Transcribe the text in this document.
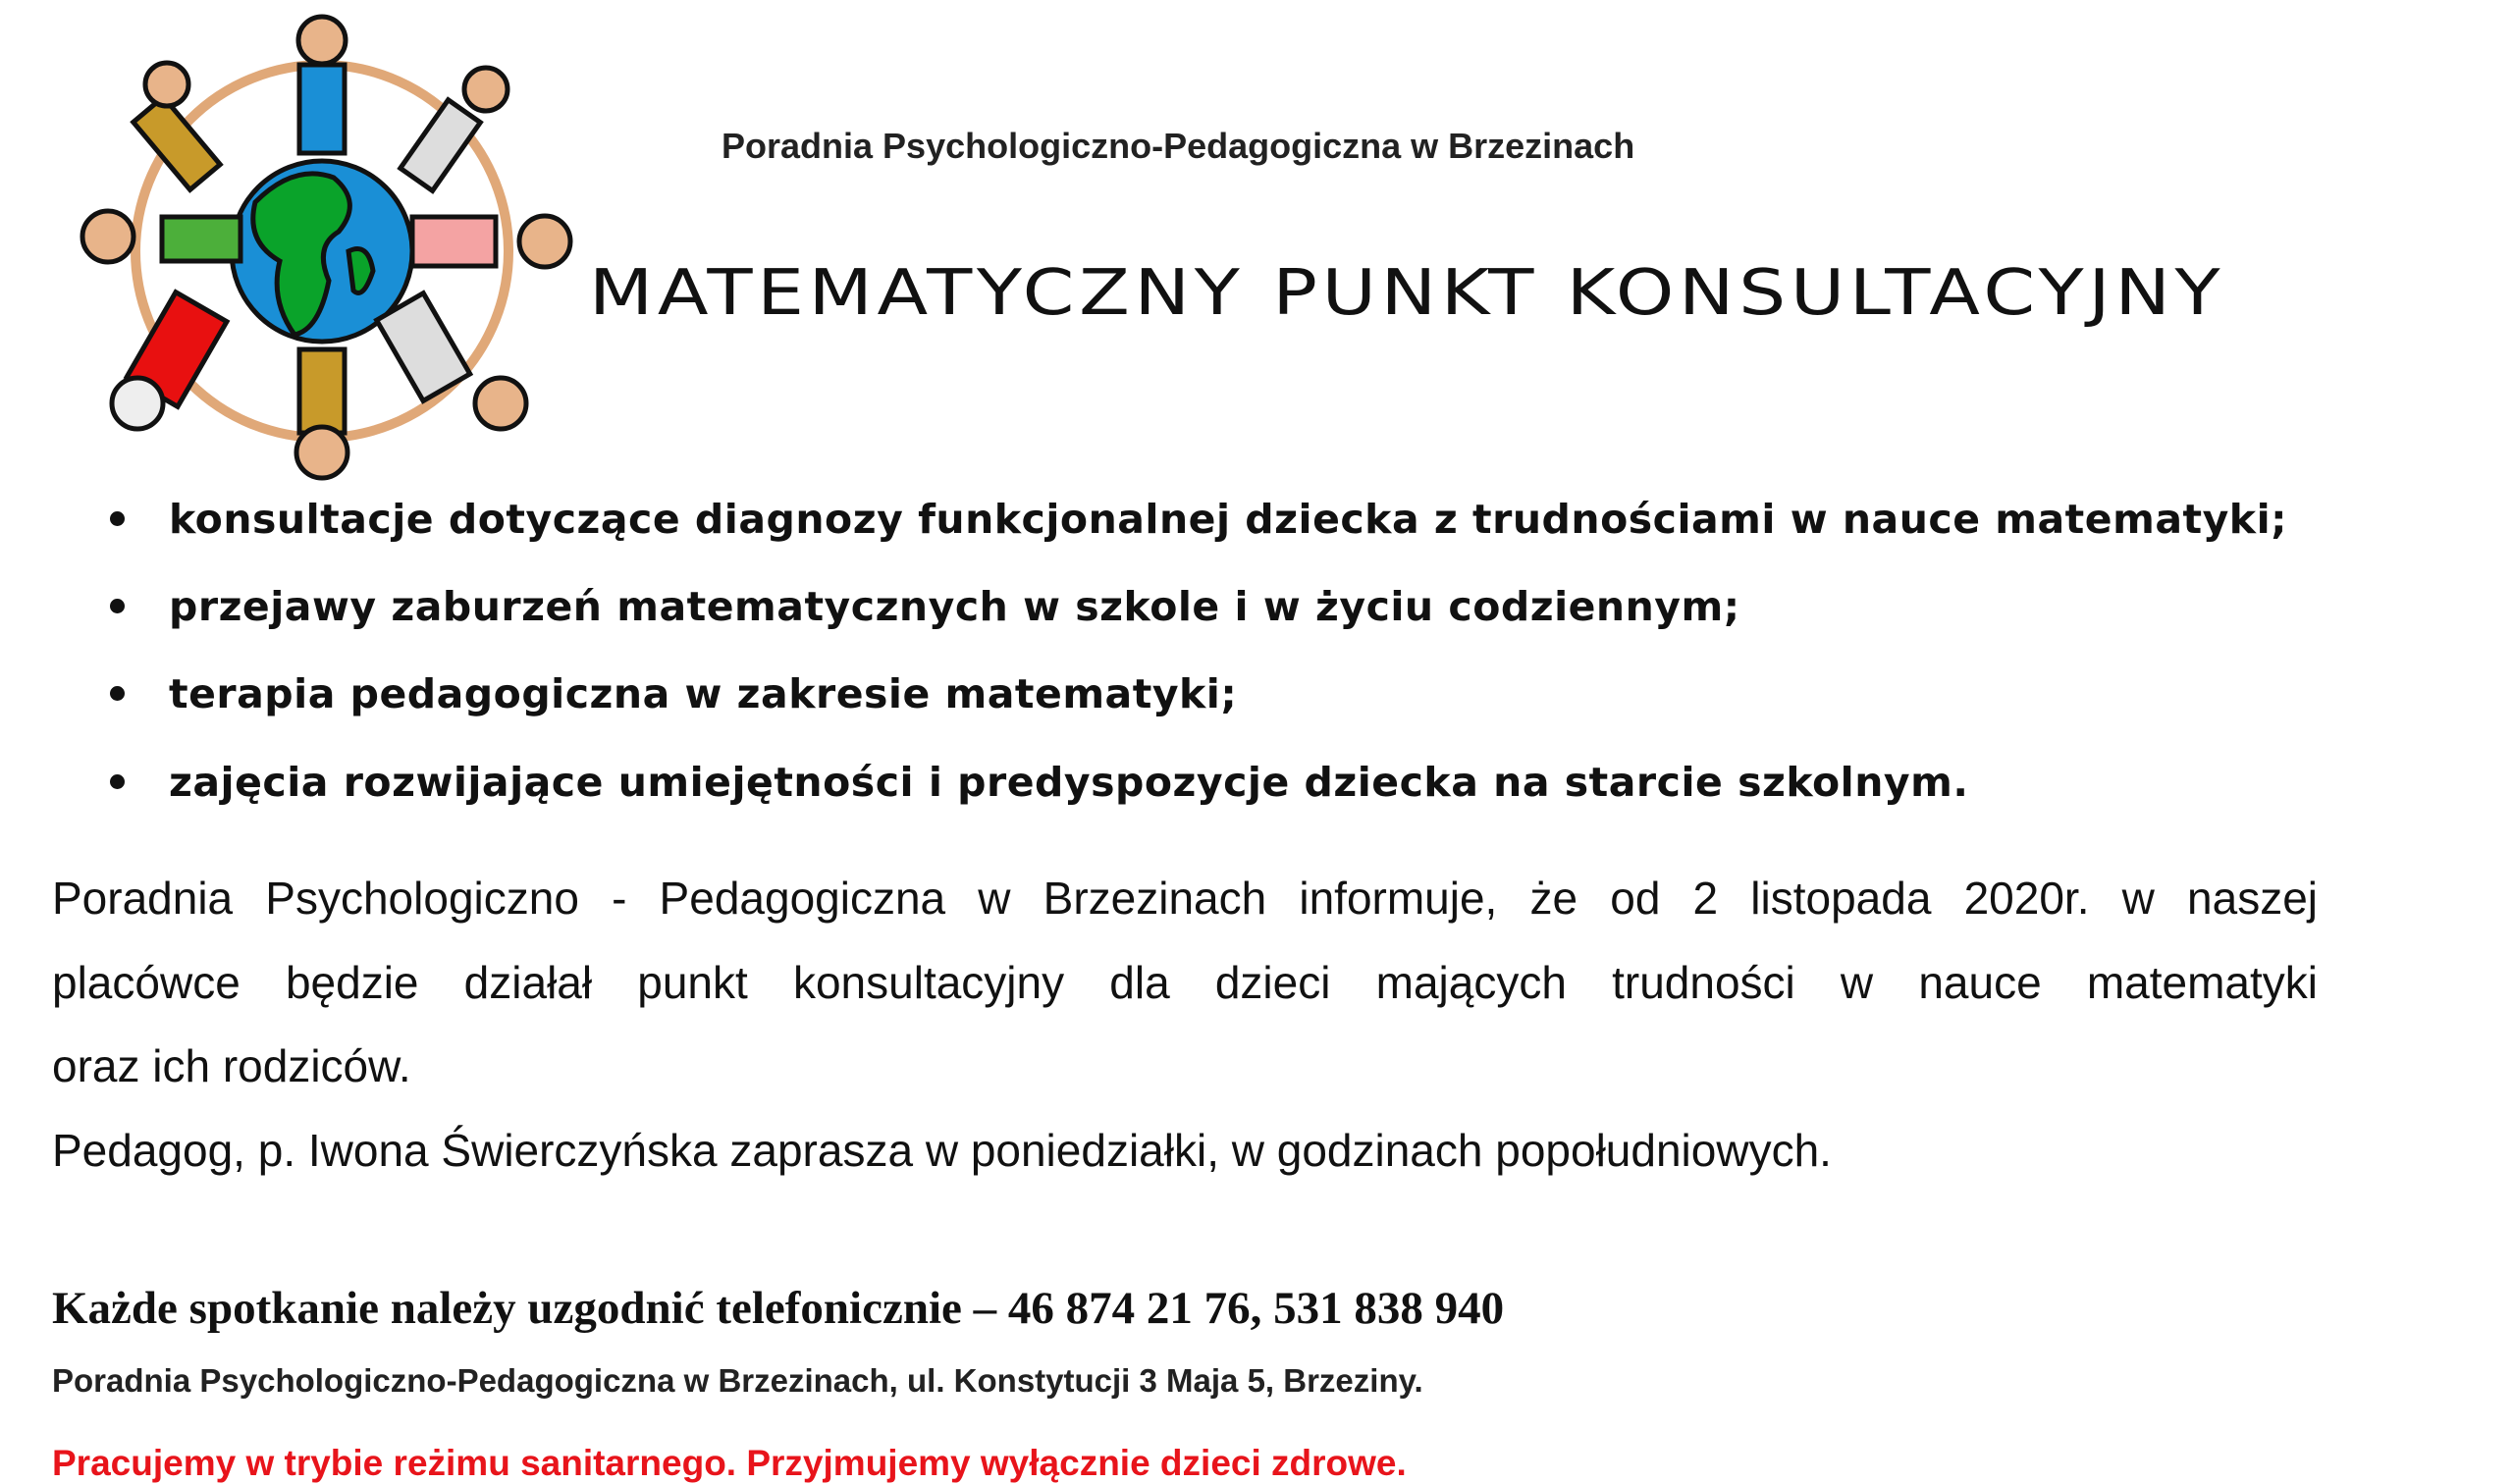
Poradnia Psychologiczno-Pedagogiczna w Brzezinach
MATEMATYCZNY PUNKT KONSULTACYJNY
konsultacje dotyczące diagnozy funkcjonalnej dziecka z trudnościami w nauce matematyki;
przejawy zaburzeń matematycznych w szkole i w życiu codziennym;
terapia pedagogiczna w zakresie matematyki;
zajęcia rozwijające umiejętności i predyspozycje dziecka na starcie szkolnym.
Poradnia Psychologiczno - Pedagogiczna w Brzezinach informuje, że od 2 listopada 2020r. w naszej
placówce będzie działał punkt konsultacyjny dla dzieci mających trudności w nauce matematyki
oraz ich rodziców.
Pedagog, p. Iwona Świerczyńska zaprasza w poniedziałki, w godzinach popołudniowych.
Każde spotkanie należy uzgodnić telefonicznie – 46 874 21 76, 531 838 940
Poradnia Psychologiczno-Pedagogiczna w Brzezinach, ul. Konstytucji 3 Maja 5, Brzeziny.
Pracujemy w trybie reżimu sanitarnego. Przyjmujemy wyłącznie dzieci zdrowe.
